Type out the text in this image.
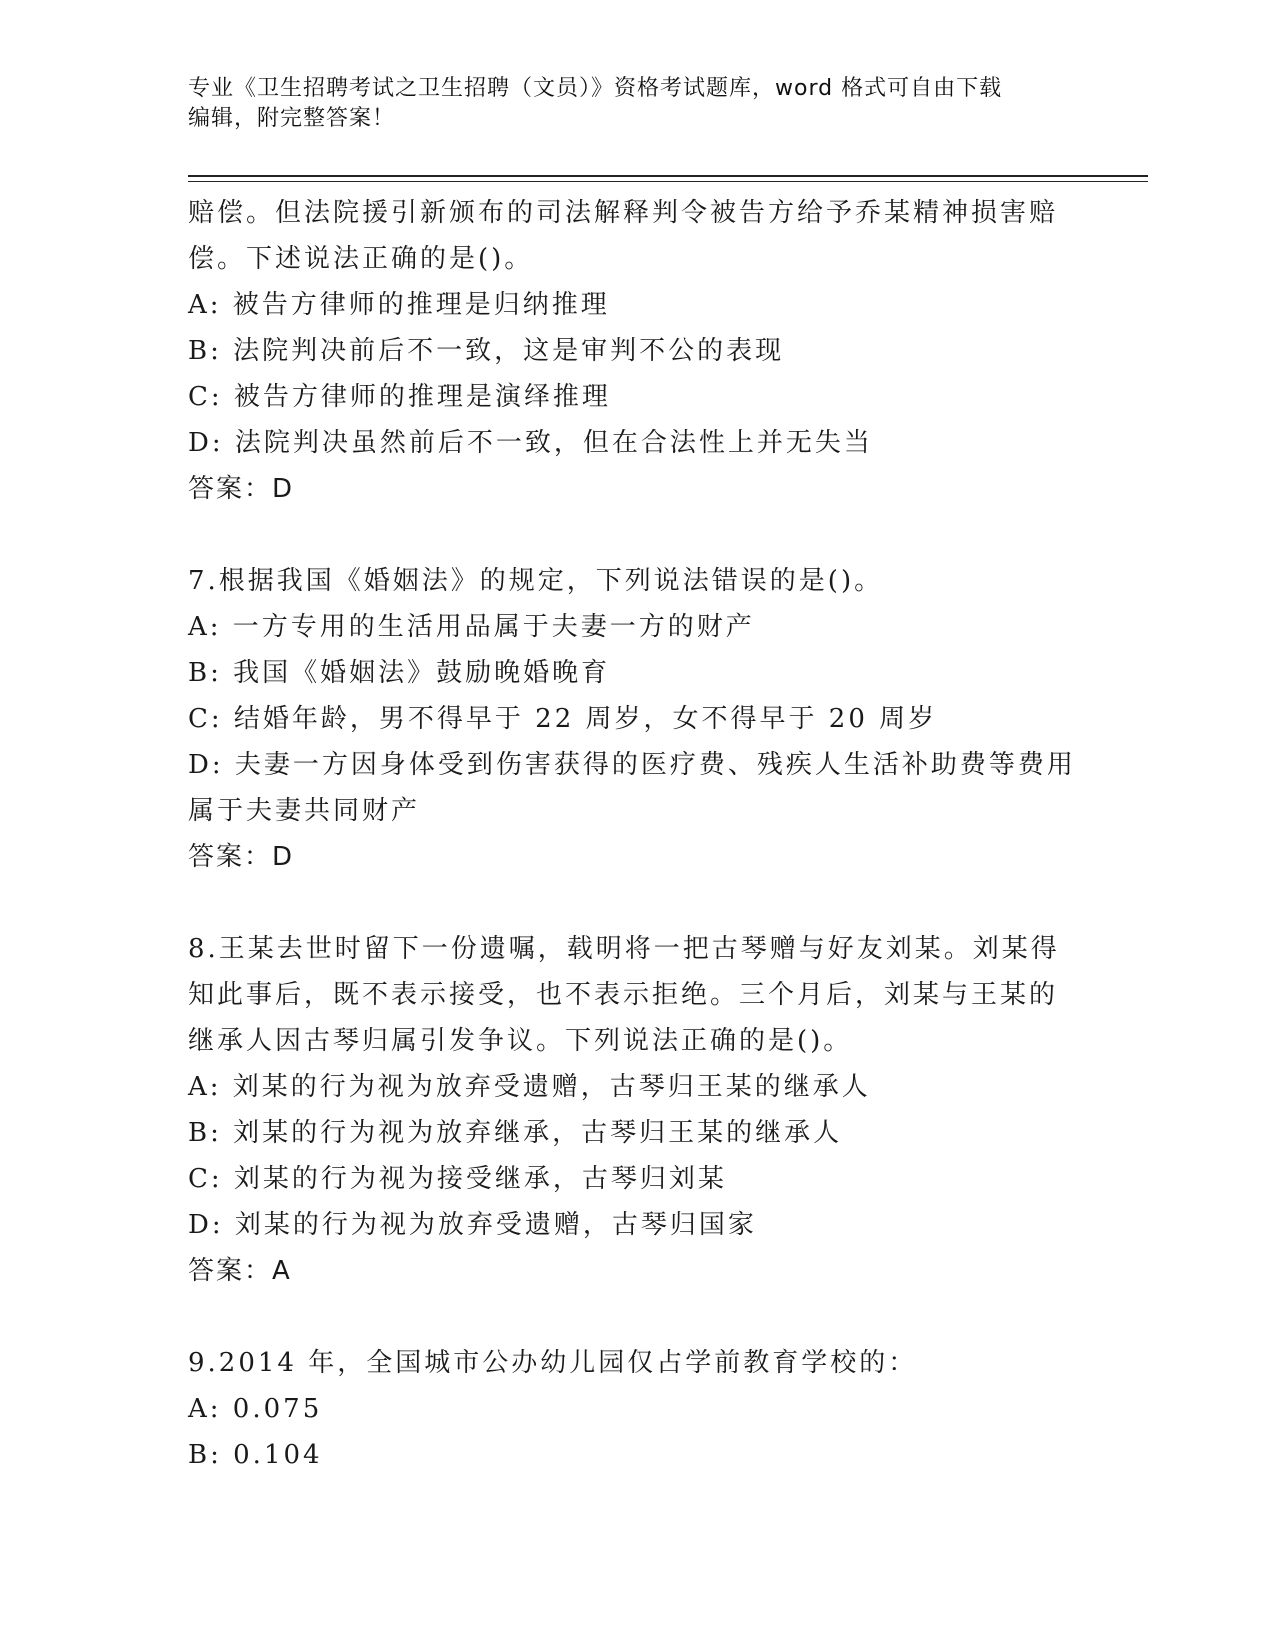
专业《卫生招聘考试之卫生招聘（文员）》资格考试题库，word 格式可自由下载
编辑，附完整答案！
赔偿。但法院援引新颁布的司法解释判令被告方给予乔某精神损害赔
偿。下述说法正确的是()。
A: 被告方律师的推理是归纳推理
B: 法院判决前后不一致，这是审判不公的表现
C: 被告方律师的推理是演绎推理
D: 法院判决虽然前后不一致，但在合法性上并无失当
答案：D
7.根据我国《婚姻法》的规定，下列说法错误的是()。
A: 一方专用的生活用品属于夫妻一方的财产
B: 我国《婚姻法》鼓励晚婚晚育
C: 结婚年龄，男不得早于 22 周岁，女不得早于 20 周岁
D: 夫妻一方因身体受到伤害获得的医疗费、残疾人生活补助费等费用
属于夫妻共同财产
答案：D
8.王某去世时留下一份遗嘱，载明将一把古琴赠与好友刘某。刘某得
知此事后，既不表示接受，也不表示拒绝。三个月后，刘某与王某的
继承人因古琴归属引发争议。下列说法正确的是()。
A: 刘某的行为视为放弃受遗赠，古琴归王某的继承人
B: 刘某的行为视为放弃继承，古琴归王某的继承人
C: 刘某的行为视为接受继承，古琴归刘某
D: 刘某的行为视为放弃受遗赠，古琴归国家
答案：A
9.2014 年，全国城市公办幼儿园仅占学前教育学校的：
A: 0.075
B: 0.104
